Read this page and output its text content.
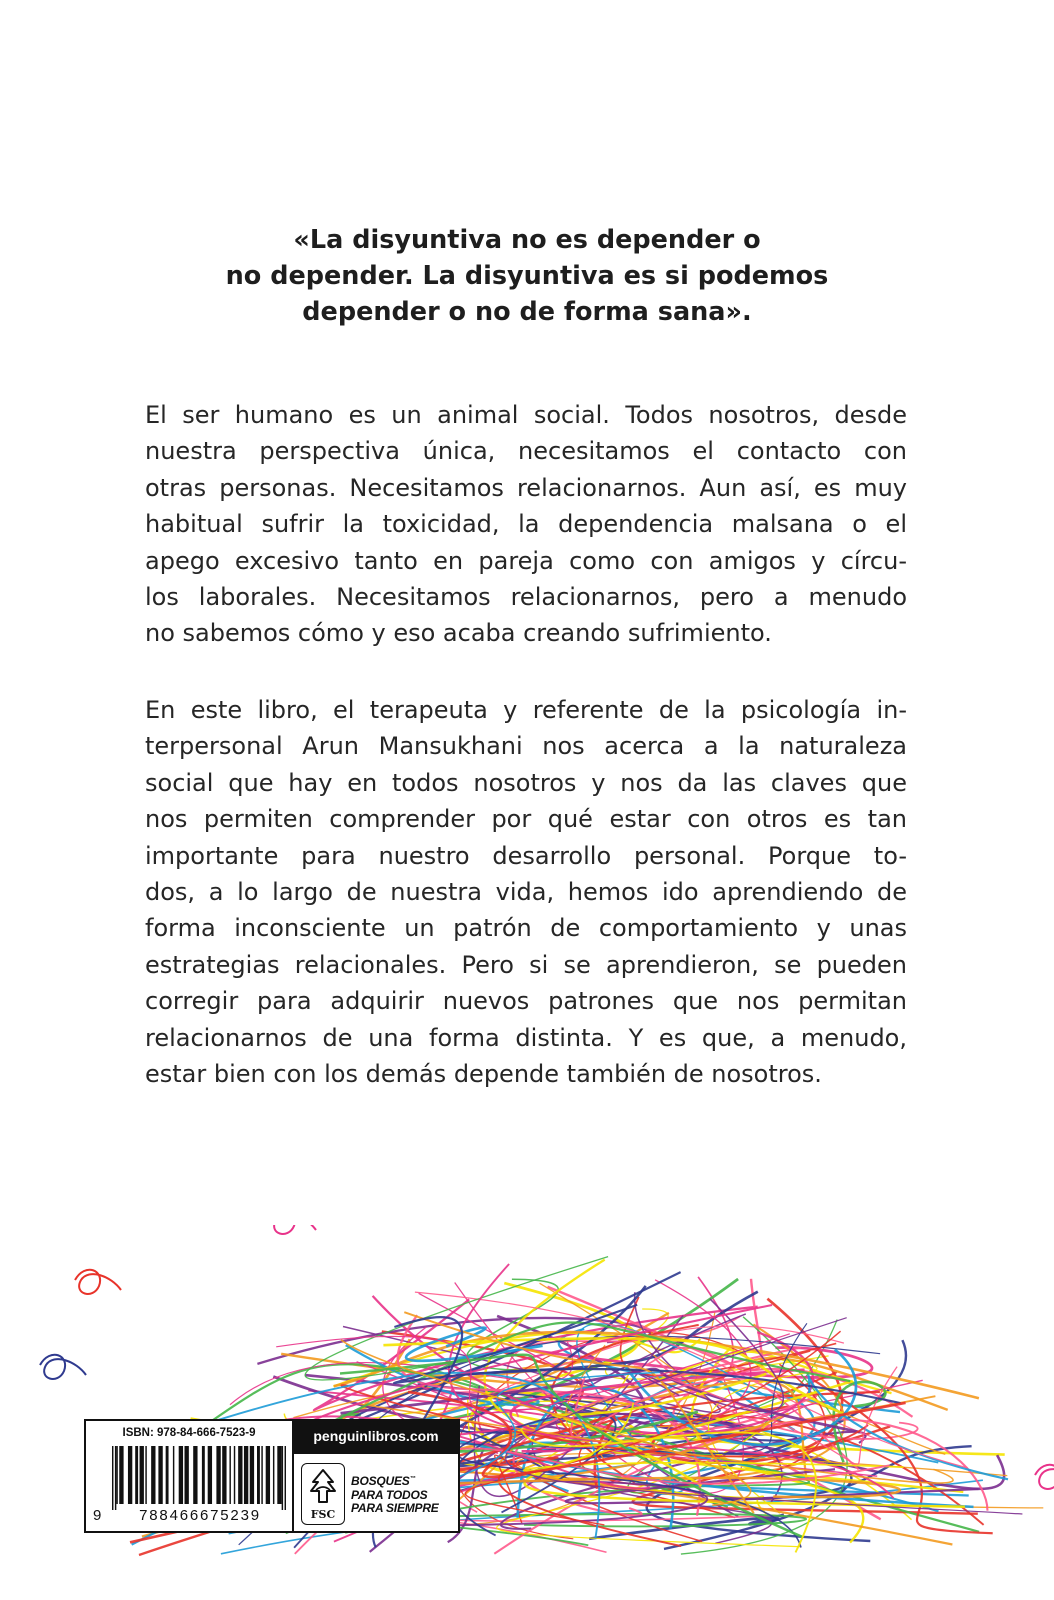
«La disyuntiva no es depender o
no depender. La disyuntiva es si podemos
depender o no de forma sana».
El ser humano es un animal social. Todos nosotros, desde
nuestra perspectiva única, necesitamos el contacto con
otras personas. Necesitamos relacionarnos. Aun así, es muy
habitual sufrir la toxicidad, la dependencia malsana o el
apego excesivo tanto en pareja como con amigos y círcu-
los laborales. Necesitamos relacionarnos, pero a menudo
no sabemos cómo y eso acaba creando sufrimiento.
En este libro, el terapeuta y referente de la psicología in-
terpersonal Arun Mansukhani nos acerca a la naturaleza
social que hay en todos nosotros y nos da las claves que
nos permiten comprender por qué estar con otros es tan
importante para nuestro desarrollo personal. Porque to-
dos, a lo largo de nuestra vida, hemos ido aprendiendo de
forma inconsciente un patrón de comportamiento y unas
estrategias relacionales. Pero si se aprendieron, se pueden
corregir para adquirir nuevos patrones que nos permitan
relacionarnos de una forma distinta. Y es que, a menudo,
estar bien con los demás depende también de nosotros.
ISBN: 978-84-666-7523-9
9	788466675239
penguinlibros.com
FSC
BOSQUES™
PARA TODOS
PARA SIEMPRE
